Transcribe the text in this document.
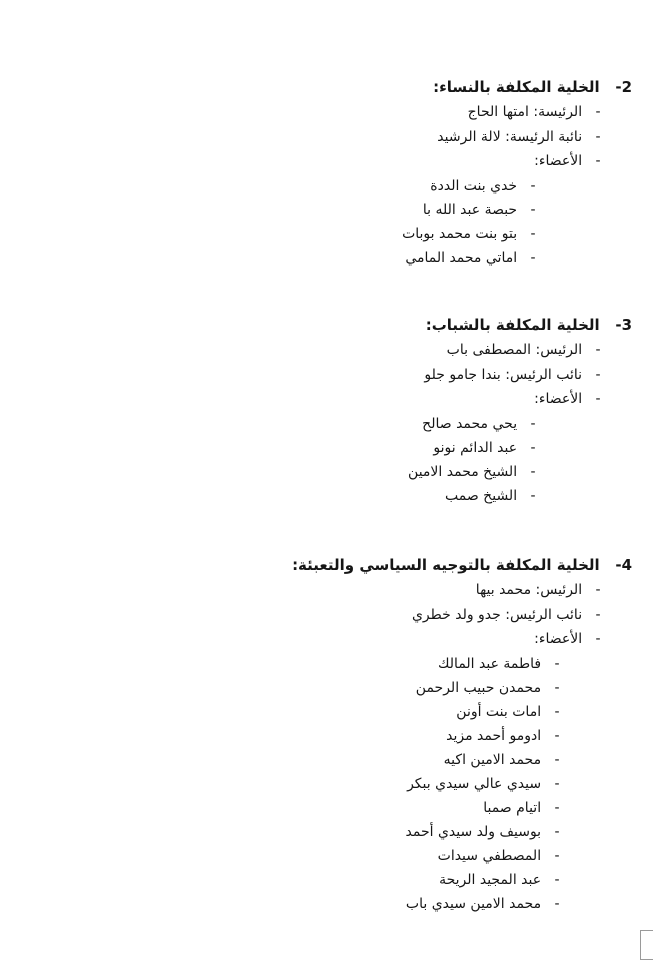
2-   الخلية المكلفة بالنساء:
-  الرئيسة: امتها الحاج
-  نائبة الرئيسة: لالة الرشيد
-  الأعضاء:
-  خدي بنت الددة
-  حبصة عبد الله با
-  بتو بنت محمد بوبات
-  اماتي محمد المامي
3-   الخلية المكلفة بالشباب:
-  الرئيس: المصطفى باب
-  نائب الرئيس: بندا جامو جلو
-  الأعضاء:
-  يحي محمد صالح
-  عبد الدائم نونو
-  الشيخ محمد الامين
-  الشيخ صمب
4-   الخلية المكلفة بالتوجيه السياسي والتعبئة:
-  الرئيس: محمد بيها
-  نائب الرئيس: جدو ولد خطري
-  الأعضاء:
-  فاطمة عبد المالك
-  محمدن حبيب الرحمن
-  امات بنت أونن
-  ادومو أحمد مزيد
-  محمد الامين اكيه
-  سيدي عالي سيدي ببكر
-  اتيام صمبا
-  بوسيف ولد سيدي أحمد
-  المصطفي سيدات
-  عبد المجيد الريحة
-  محمد الامين سيدي باب
